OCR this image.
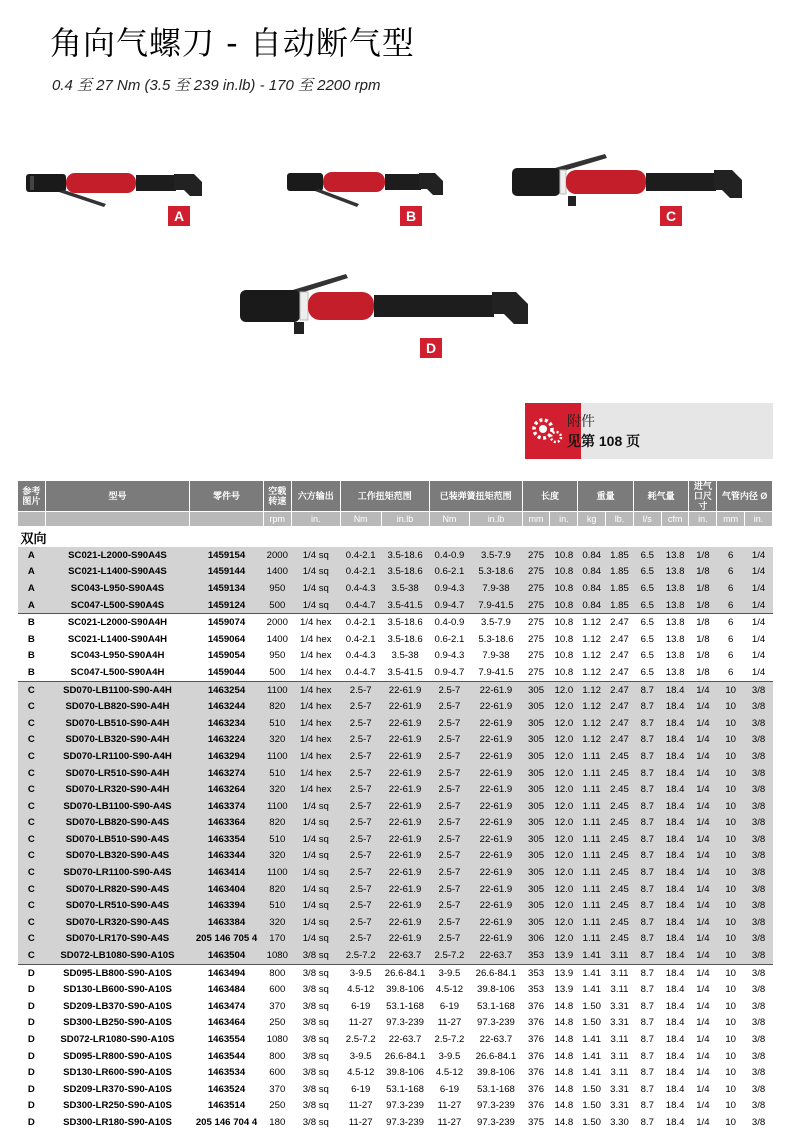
角向气螺刀 - 自动断气型
0.4 至 27 Nm (3.5 至 239 in.lb) - 170 至 2200 rpm
A	B	C
D
附件
见第 108 页
参考图片	型号	零件号	空载转速	六方输出	工作扭矩范围		已装弹簧扭矩范围		长度		重量		耗气量		进气口尺寸	气管内径 Ø	
			rpm	in.	Nm	in.lb	Nm	in.lb	mm	in.	kg	lb.	l/s	cfm	in.	mm	in.
双向																	
A	SC021-L2000-S90A4S	1459154	2000	1/4 sq	0.4-2.1	3.5-18.6	0.4-0.9	3.5-7.9	275	10.8	0.84	1.85	6.5	13.8	1/8	6	1/4
A	SC021-L1400-S90A4S	1459144	1400	1/4 sq	0.4-2.1	3.5-18.6	0.6-2.1	5.3-18.6	275	10.8	0.84	1.85	6.5	13.8	1/8	6	1/4
A	SC043-L950-S90A4S	1459134	950	1/4 sq	0.4-4.3	3.5-38	0.9-4.3	7.9-38	275	10.8	0.84	1.85	6.5	13.8	1/8	6	1/4
A	SC047-L500-S90A4S	1459124	500	1/4 sq	0.4-4.7	3.5-41.5	0.9-4.7	7.9-41.5	275	10.8	0.84	1.85	6.5	13.8	1/8	6	1/4
B	SC021-L2000-S90A4H	1459074	2000	1/4 hex	0.4-2.1	3.5-18.6	0.4-0.9	3.5-7.9	275	10.8	1.12	2.47	6.5	13.8	1/8	6	1/4
B	SC021-L1400-S90A4H	1459064	1400	1/4 hex	0.4-2.1	3.5-18.6	0.6-2.1	5.3-18.6	275	10.8	1.12	2.47	6.5	13.8	1/8	6	1/4
B	SC043-L950-S90A4H	1459054	950	1/4 hex	0.4-4.3	3.5-38	0.9-4.3	7.9-38	275	10.8	1.12	2.47	6.5	13.8	1/8	6	1/4
B	SC047-L500-S90A4H	1459044	500	1/4 hex	0.4-4.7	3.5-41.5	0.9-4.7	7.9-41.5	275	10.8	1.12	2.47	6.5	13.8	1/8	6	1/4
C	SD070-LB1100-S90-A4H	1463254	1100	1/4 hex	2.5-7	22-61.9	2.5-7	22-61.9	305	12.0	1.12	2.47	8.7	18.4	1/4	10	3/8
C	SD070-LB820-S90-A4H	1463244	820	1/4 hex	2.5-7	22-61.9	2.5-7	22-61.9	305	12.0	1.12	2.47	8.7	18.4	1/4	10	3/8
C	SD070-LB510-S90-A4H	1463234	510	1/4 hex	2.5-7	22-61.9	2.5-7	22-61.9	305	12.0	1.12	2.47	8.7	18.4	1/4	10	3/8
C	SD070-LB320-S90-A4H	1463224	320	1/4 hex	2.5-7	22-61.9	2.5-7	22-61.9	305	12.0	1.12	2.47	8.7	18.4	1/4	10	3/8
C	SD070-LR1100-S90-A4H	1463294	1100	1/4 hex	2.5-7	22-61.9	2.5-7	22-61.9	305	12.0	1.11	2.45	8.7	18.4	1/4	10	3/8
C	SD070-LR510-S90-A4H	1463274	510	1/4 hex	2.5-7	22-61.9	2.5-7	22-61.9	305	12.0	1.11	2.45	8.7	18.4	1/4	10	3/8
C	SD070-LR320-S90-A4H	1463264	320	1/4 hex	2.5-7	22-61.9	2.5-7	22-61.9	305	12.0	1.11	2.45	8.7	18.4	1/4	10	3/8
C	SD070-LB1100-S90-A4S	1463374	1100	1/4 sq	2.5-7	22-61.9	2.5-7	22-61.9	305	12.0	1.11	2.45	8.7	18.4	1/4	10	3/8
C	SD070-LB820-S90-A4S	1463364	820	1/4 sq	2.5-7	22-61.9	2.5-7	22-61.9	305	12.0	1.11	2.45	8.7	18.4	1/4	10	3/8
C	SD070-LB510-S90-A4S	1463354	510	1/4 sq	2.5-7	22-61.9	2.5-7	22-61.9	305	12.0	1.11	2.45	8.7	18.4	1/4	10	3/8
C	SD070-LB320-S90-A4S	1463344	320	1/4 sq	2.5-7	22-61.9	2.5-7	22-61.9	305	12.0	1.11	2.45	8.7	18.4	1/4	10	3/8
C	SD070-LR1100-S90-A4S	1463414	1100	1/4 sq	2.5-7	22-61.9	2.5-7	22-61.9	305	12.0	1.11	2.45	8.7	18.4	1/4	10	3/8
C	SD070-LR820-S90-A4S	1463404	820	1/4 sq	2.5-7	22-61.9	2.5-7	22-61.9	305	12.0	1.11	2.45	8.7	18.4	1/4	10	3/8
C	SD070-LR510-S90-A4S	1463394	510	1/4 sq	2.5-7	22-61.9	2.5-7	22-61.9	305	12.0	1.11	2.45	8.7	18.4	1/4	10	3/8
C	SD070-LR320-S90-A4S	1463384	320	1/4 sq	2.5-7	22-61.9	2.5-7	22-61.9	305	12.0	1.11	2.45	8.7	18.4	1/4	10	3/8
C	SD070-LR170-S90-A4S	205 146 705 4	170	1/4 sq	2.5-7	22-61.9	2.5-7	22-61.9	306	12.0	1.11	2.45	8.7	18.4	1/4	10	3/8
C	SD072-LB1080-S90-A10S	1463504	1080	3/8 sq	2.5-7.2	22-63.7	2.5-7.2	22-63.7	353	13.9	1.41	3.11	8.7	18.4	1/4	10	3/8
D	SD095-LB800-S90-A10S	1463494	800	3/8 sq	3-9.5	26.6-84.1	3-9.5	26.6-84.1	353	13.9	1.41	3.11	8.7	18.4	1/4	10	3/8
D	SD130-LB600-S90-A10S	1463484	600	3/8 sq	4.5-12	39.8-106	4.5-12	39.8-106	353	13.9	1.41	3.11	8.7	18.4	1/4	10	3/8
D	SD209-LB370-S90-A10S	1463474	370	3/8 sq	6-19	53.1-168	6-19	53.1-168	376	14.8	1.50	3.31	8.7	18.4	1/4	10	3/8
D	SD300-LB250-S90-A10S	1463464	250	3/8 sq	11-27	97.3-239	11-27	97.3-239	376	14.8	1.50	3.31	8.7	18.4	1/4	10	3/8
D	SD072-LR1080-S90-A10S	1463554	1080	3/8 sq	2.5-7.2	22-63.7	2.5-7.2	22-63.7	376	14.8	1.41	3.11	8.7	18.4	1/4	10	3/8
D	SD095-LR800-S90-A10S	1463544	800	3/8 sq	3-9.5	26.6-84.1	3-9.5	26.6-84.1	376	14.8	1.41	3.11	8.7	18.4	1/4	10	3/8
D	SD130-LR600-S90-A10S	1463534	600	3/8 sq	4.5-12	39.8-106	4.5-12	39.8-106	376	14.8	1.41	3.11	8.7	18.4	1/4	10	3/8
D	SD209-LR370-S90-A10S	1463524	370	3/8 sq	6-19	53.1-168	6-19	53.1-168	376	14.8	1.50	3.31	8.7	18.4	1/4	10	3/8
D	SD300-LR250-S90-A10S	1463514	250	3/8 sq	11-27	97.3-239	11-27	97.3-239	376	14.8	1.50	3.31	8.7	18.4	1/4	10	3/8
D	SD300-LR180-S90-A10S	205 146 704 4	180	3/8 sq	11-27	97.3-239	11-27	97.3-239	375	14.8	1.50	3.30	8.7	18.4	1/4	10	3/8
